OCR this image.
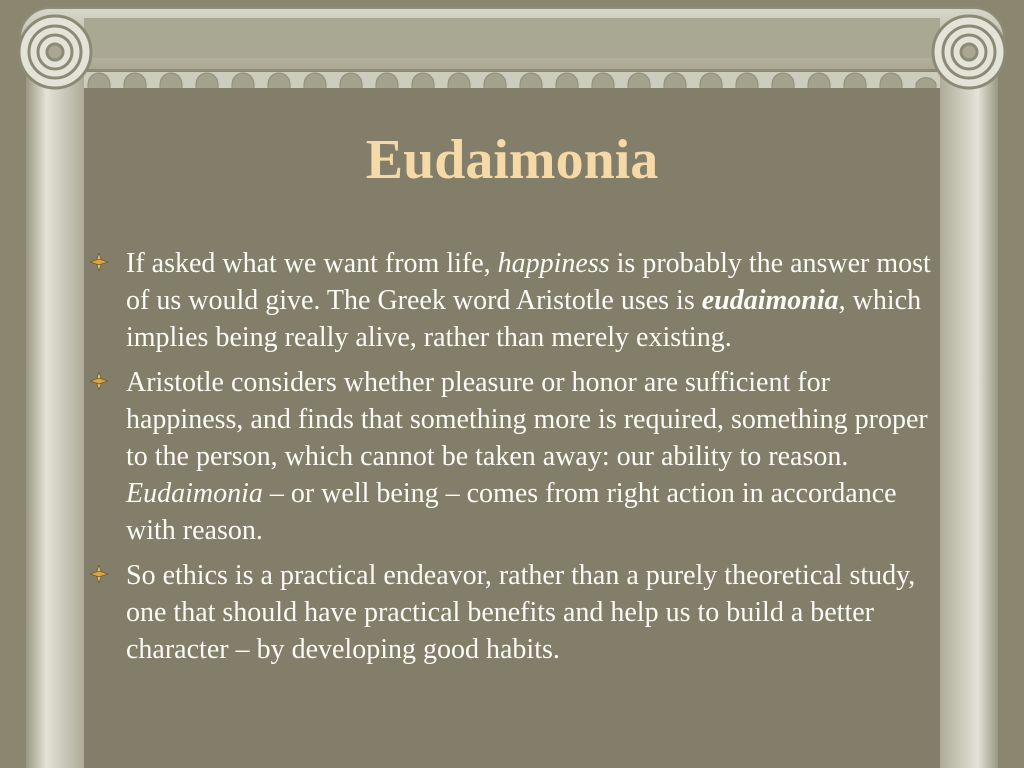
Eudaimonia
If asked what we want from life, happiness is probably the answer most of us would give. The Greek word Aristotle uses is eudaimonia, which implies being really alive, rather than merely existing.
Aristotle considers whether pleasure or honor are sufficient for happiness, and finds that something more is required, something proper to the person, which cannot be taken away: our ability to reason. Eudaimonia – or well being – comes from right action in accordance with reason.
So ethics is a practical endeavor, rather than a purely theoretical study, one that should have practical benefits and help us to build a better character – by developing good habits.
